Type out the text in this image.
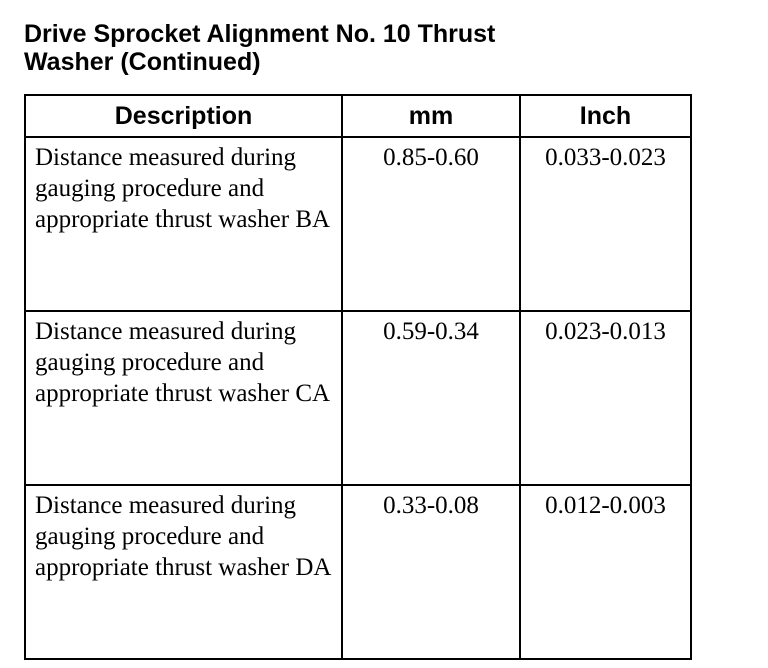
Drive Sprocket Alignment No. 10 Thrust
Washer (Continued)
Description	mm	Inch
Distance measured during gauging procedure and appropriate thrust washer BA	0.85-0.60	0.033-0.023
Distance measured during gauging procedure and appropriate thrust washer CA	0.59-0.34	0.023-0.013
Distance measured during gauging procedure and appropriate thrust washer DA	0.33-0.08	0.012-0.003
